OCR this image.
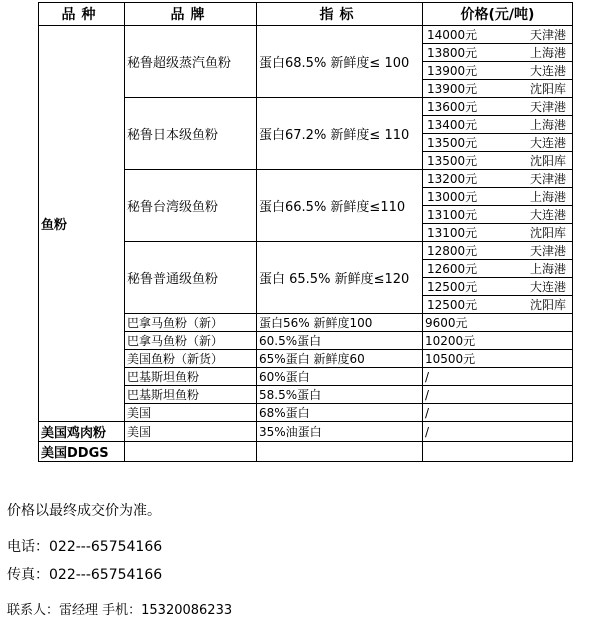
品种	品牌	指标	价格(元/吨)
鱼粉	秘鲁超级蒸汽鱼粉	蛋白68.5% 新鲜度≤ 100	14000元 天津港

			13800元 上海港

			13900元 大连港

			13900元 沈阳库

	秘鲁日本级鱼粉	蛋白67.2% 新鲜度≤ 110	13600元 天津港

			13400元 上海港

			13500元 大连港

			13500元 沈阳库

	秘鲁台湾级鱼粉	蛋白66.5% 新鲜度≤110	13200元 天津港

			13000元 上海港

			13100元 大连港

			13100元 沈阳库

	秘鲁普通级鱼粉	蛋白 65.5% 新鲜度≤120	12800元 天津港

			12600元 上海港

			12500元 大连港

			12500元 沈阳库

	巴拿马鱼粉（新）	蛋白56% 新鲜度100	9600元
	巴拿马鱼粉（新）	60.5%蛋白	10200元
	美国鱼粉（新货）	65%蛋白 新鲜度60	10500元
	巴基斯坦鱼粉	60%蛋白	/
	巴基斯坦鱼粉	58.5%蛋白	/
	美国	68%蛋白	/
美国鸡肉粉	美国	35%油蛋白	/
美国DDGS			
价格以最终成交价为准。
电话：022---65754166
传真：022---65754166
联系人：雷经理 手机：15320086233
